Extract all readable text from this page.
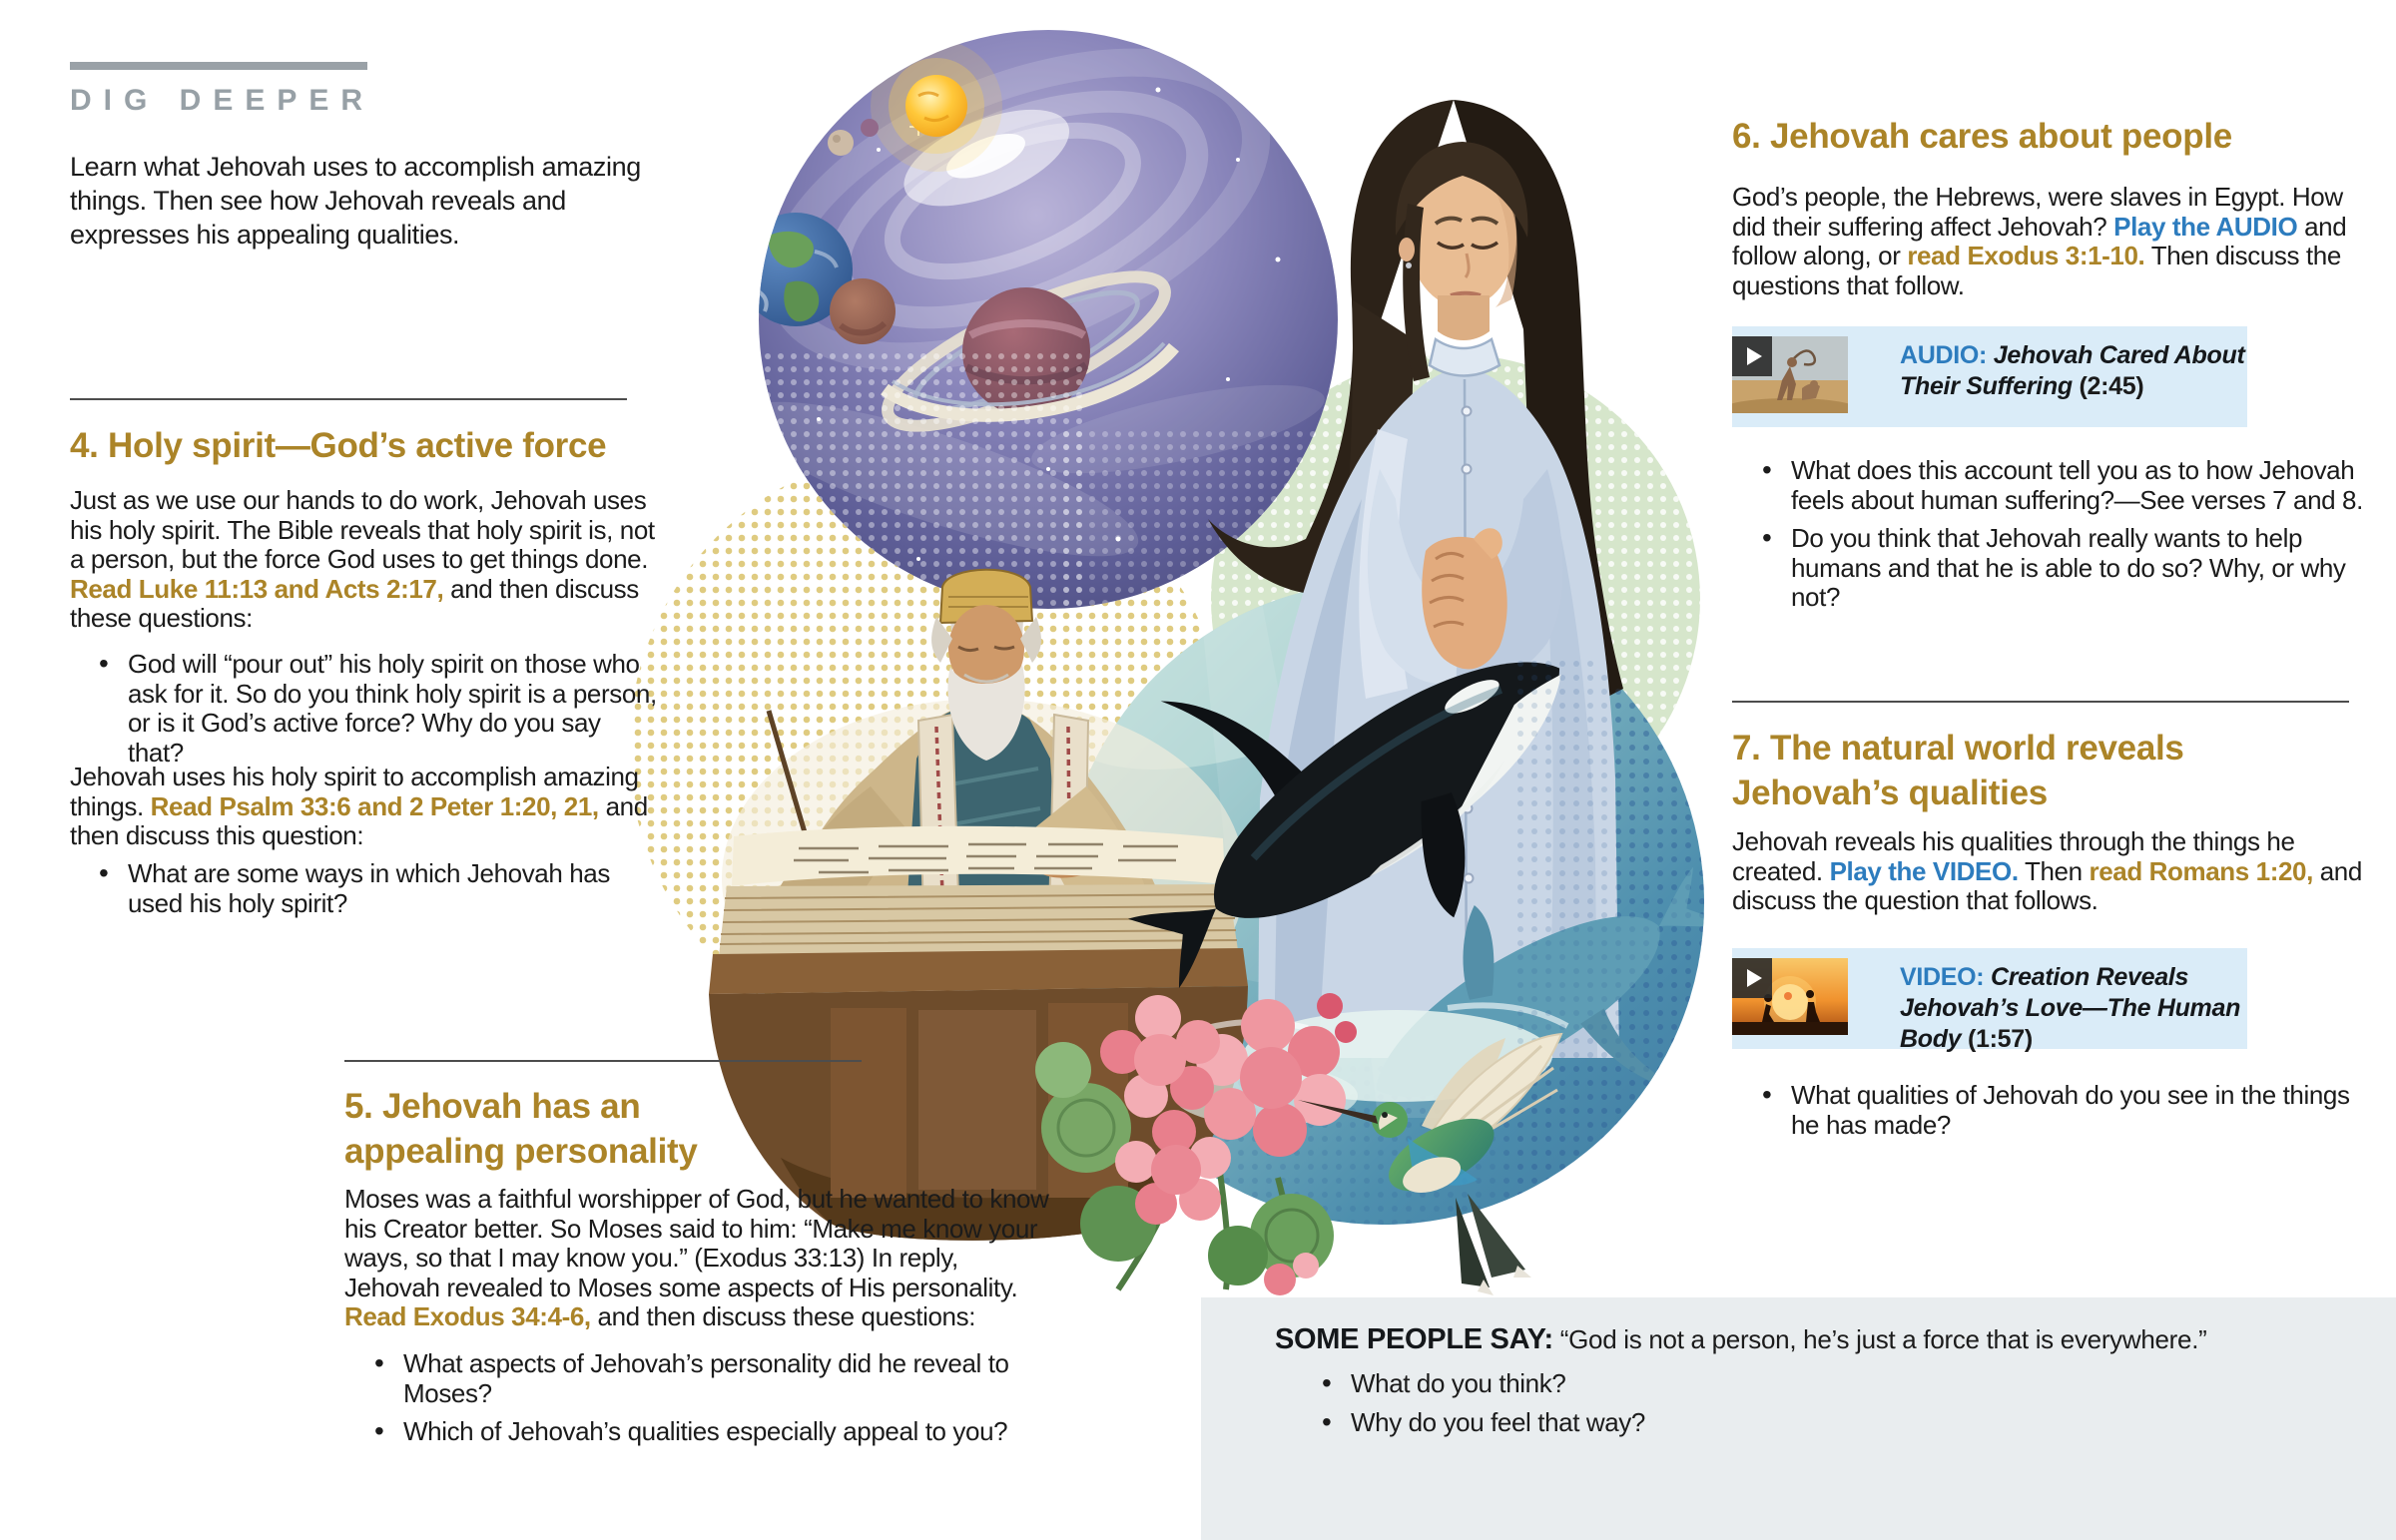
DIG DEEPER

Learn what Jehovah uses to accomplish amazing things. Then see how Jehovah reveals and expresses his appealing qualities.

4. Holy spirit—God’s active force

Just as we use our hands to do work, Jehovah uses his holy spirit. The Bible reveals that holy spirit is, not a person, but the force God uses to get things done. Read Luke 11:13 and Acts 2:17, and then discuss these questions:

• God will “pour out” his holy spirit on those who ask for it. So do you think holy spirit is a person, or is it God’s active force? Why do you say that?

Jehovah uses his holy spirit to accomplish amazing things. Read Psalm 33:6 and 2 Peter 1:20, 21, and then discuss this question:

• What are some ways in which Jehovah has used his holy spirit?
5. Jehovah has an
appealing personality

Moses was a faithful worshipper of God, but he wanted to know his Creator better. So Moses said to him: “Make me know your ways, so that I may know you.” (Exodus 33:13) In reply, Jehovah revealed to Moses some aspects of His personality. Read Exodus 34:4-6, and then discuss these questions:

• What aspects of Jehovah’s personality did he reveal to Moses?
• Which of Jehovah’s qualities especially appeal to you?
6. Jehovah cares about people

God’s people, the Hebrews, were slaves in Egypt. How did their suffering affect Jehovah? Play the AUDIO and follow along, or read Exodus 3:1-10. Then discuss the questions that follow.

AUDIO: Jehovah Cared About Their Suffering (2:45)
• What does this account tell you as to how Jehovah feels about human suffering?—See verses 7 and 8.
• Do you think that Jehovah really wants to help humans and that he is able to do so? Why, or why not?
7. The natural world reveals
Jehovah’s qualities

Jehovah reveals his qualities through the things he created. Play the VIDEO. Then read Romans 1:20, and discuss the question that follows.

VIDEO: Creation Reveals Jehovah’s Love—The Human Body (1:57)
• What qualities of Jehovah do you see in the things he has made?

SOME PEOPLE SAY: “God is not a person, he’s just a force that is everywhere.”

• What do you think?
• Why do you feel that way?
